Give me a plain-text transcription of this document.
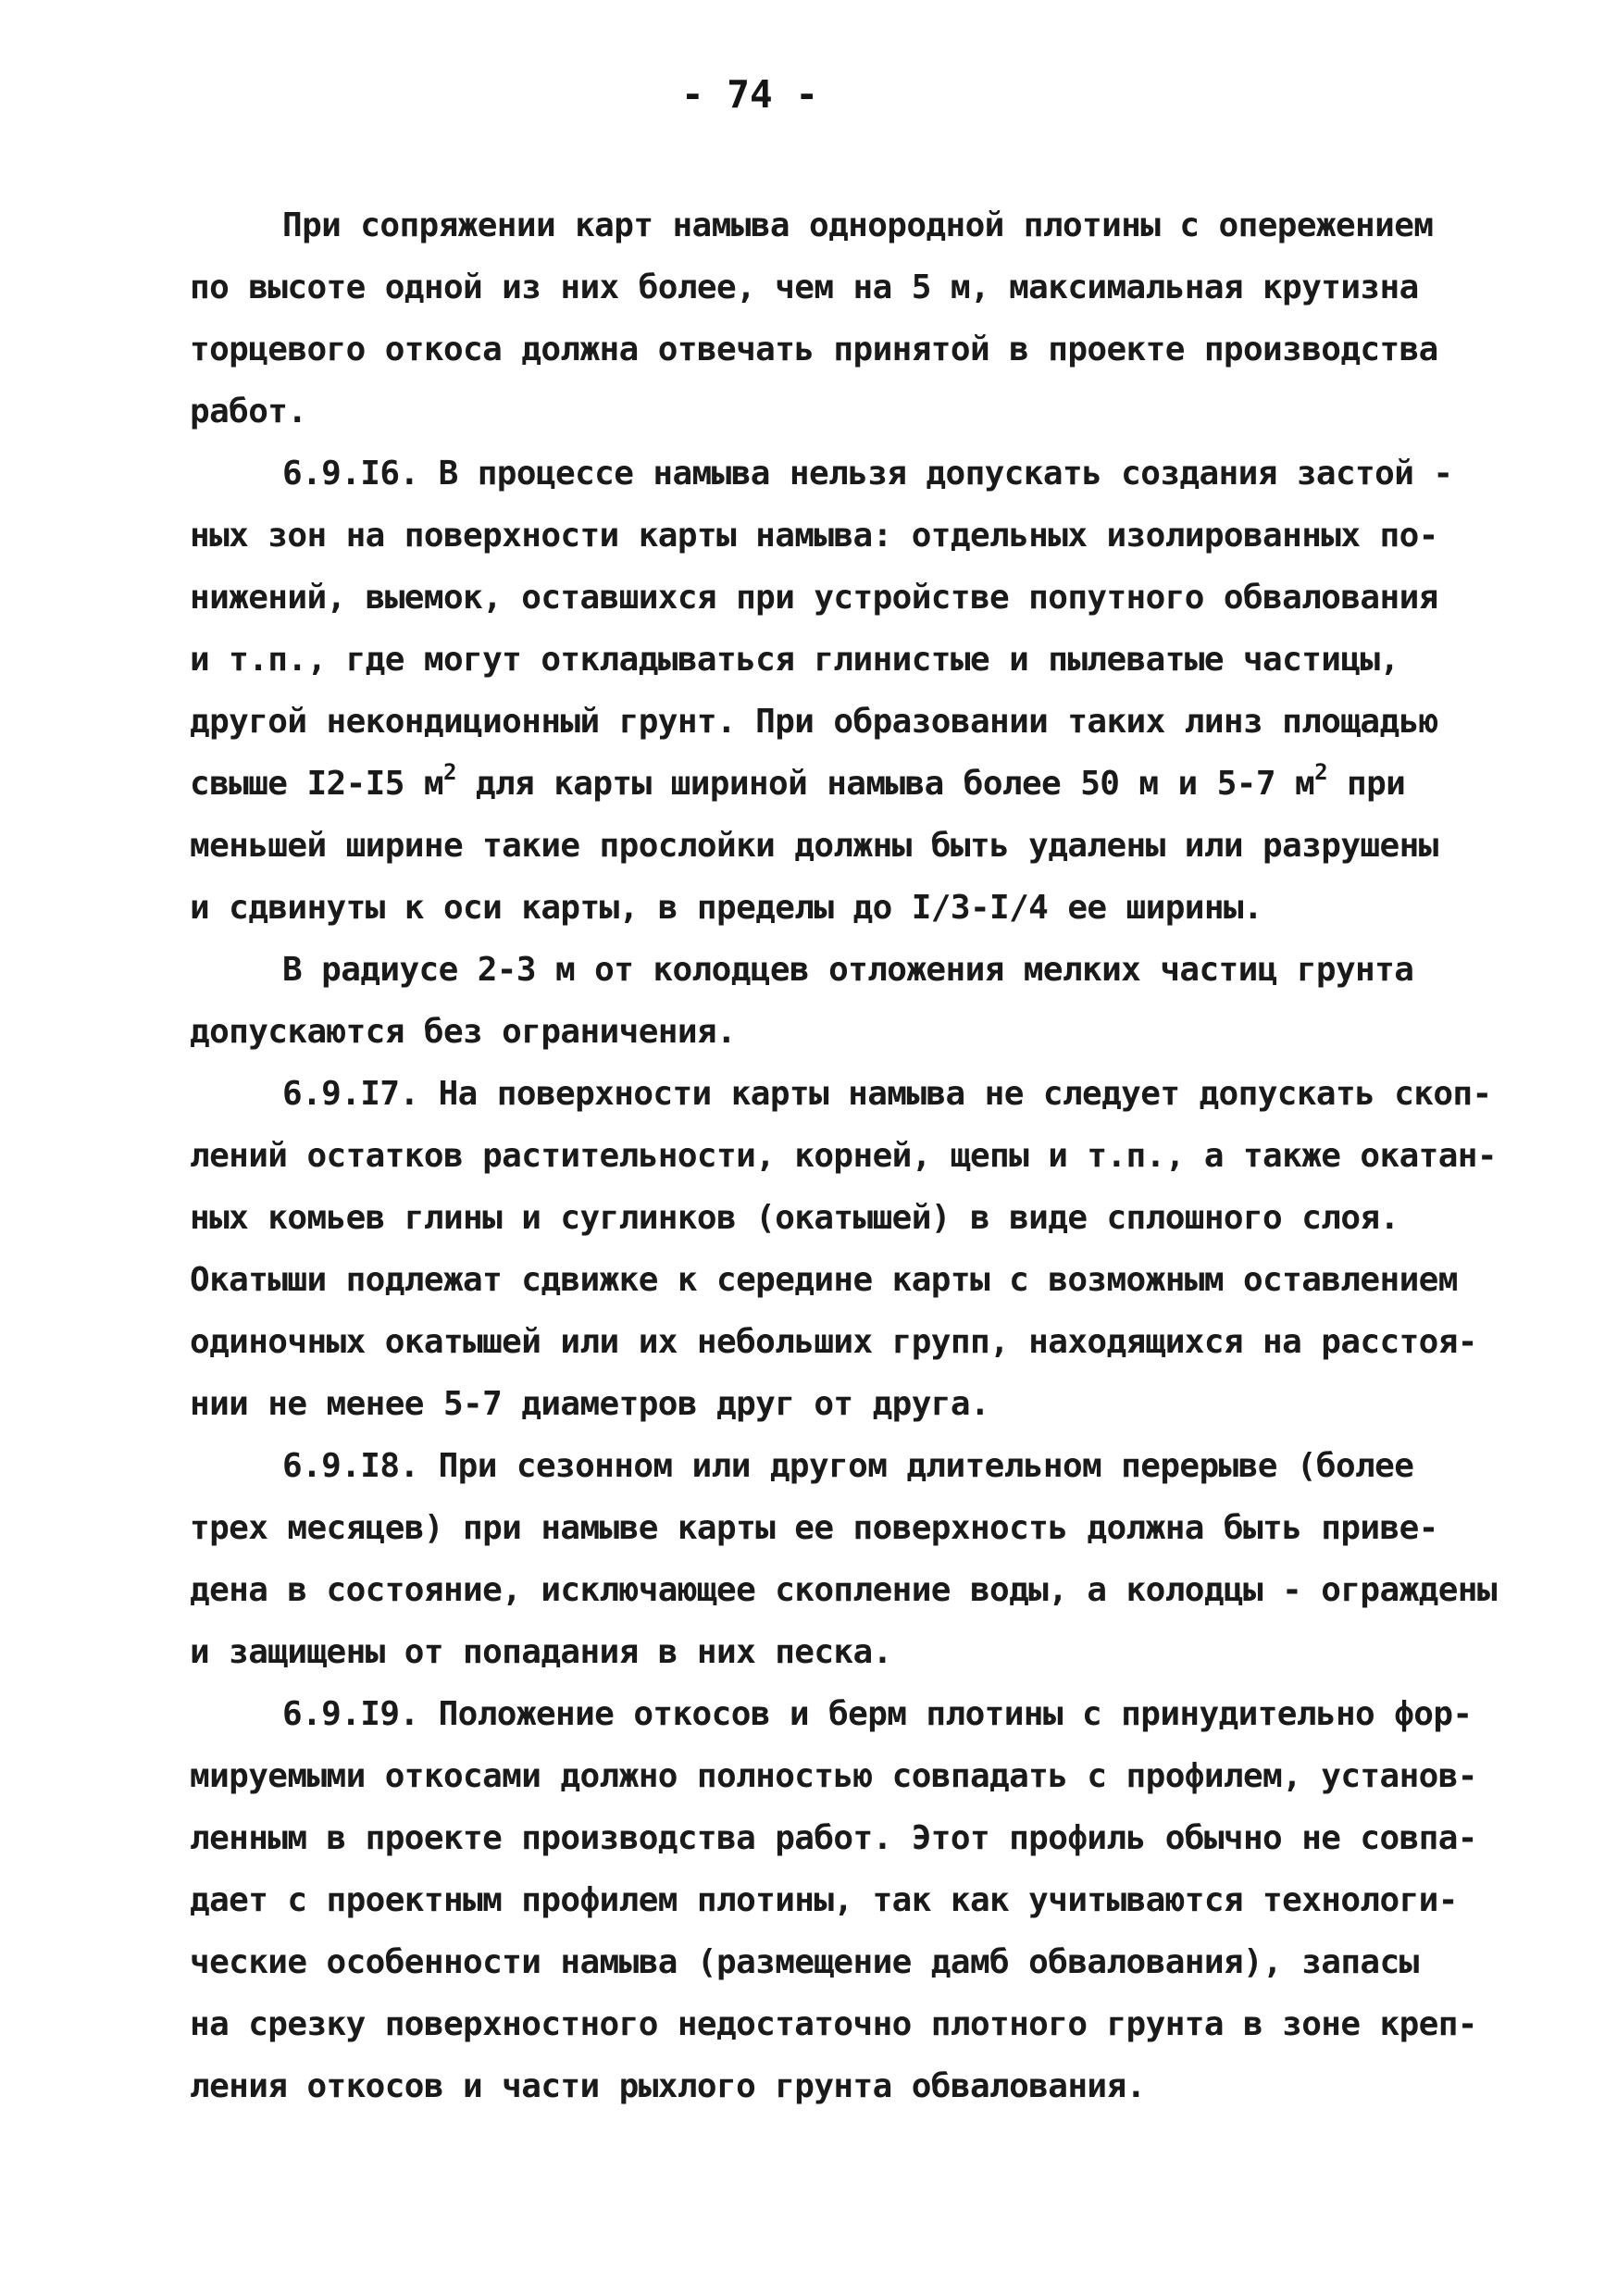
- 74 -

При сопряжении карт намыва однородной плотины с опережением
по высоте одной из них более, чем на 5 м, максимальная крутизна
торцевого откоса должна отвечать принятой в проекте производства
работ.
6.9.I6. В процессе намыва нельзя допускать создания застой -
ных зон на поверхности карты намыва: отдельных изолированных по-
нижений, выемок, оставшихся при устройстве попутного обвалования
и т.п., где могут откладываться глинистые и пылеватые частицы,
другой некондиционный грунт. При образовании таких линз площадью
свыше I2-I5 $м^2$ для карты шириной намыва более 50 м и 5-7 $м^2$ при
меньшей ширине такие прослойки должны быть удалены или разрушены
и сдвинуты к оси карты, в пределы до I/3-I/4 ее ширины.
В радиусе 2-3 м от колодцев отложения мелких частиц грунта
допускаются без ограничения.
6.9.I7. На поверхности карты намыва не следует допускать скоп-
лений остатков растительности, корней, щепы и т.п., а также окатан-
ных комьев глины и суглинков (окатышей) в виде сплошного слоя.
Окатыши подлежат сдвижке к середине карты с возможным оставлением
одиночных окатышей или их небольших групп, находящихся на расстоя-
нии не менее 5-7 диаметров друг от друга.
6.9.I8. При сезонном или другом длительном перерыве (более
трех месяцев) при намыве карты ее поверхность должна быть приве-
дена в состояние, исключающее скопление воды, а колодцы - ограждены
и защищены от попадания в них песка.
6.9.I9. Положение откосов и берм плотины с принудительно фор-
мируемыми откосами должно полностью совпадать с профилем, установ-
ленным в проекте производства работ. Этот профиль обычно не совпа-
дает с проектным профилем плотины, так как учитываются технологи-
ческие особенности намыва (размещение дамб обвалования), запасы
на срезку поверхностного недостаточно плотного грунта в зоне креп-
ления откосов и части рыхлого грунта обвалования.
